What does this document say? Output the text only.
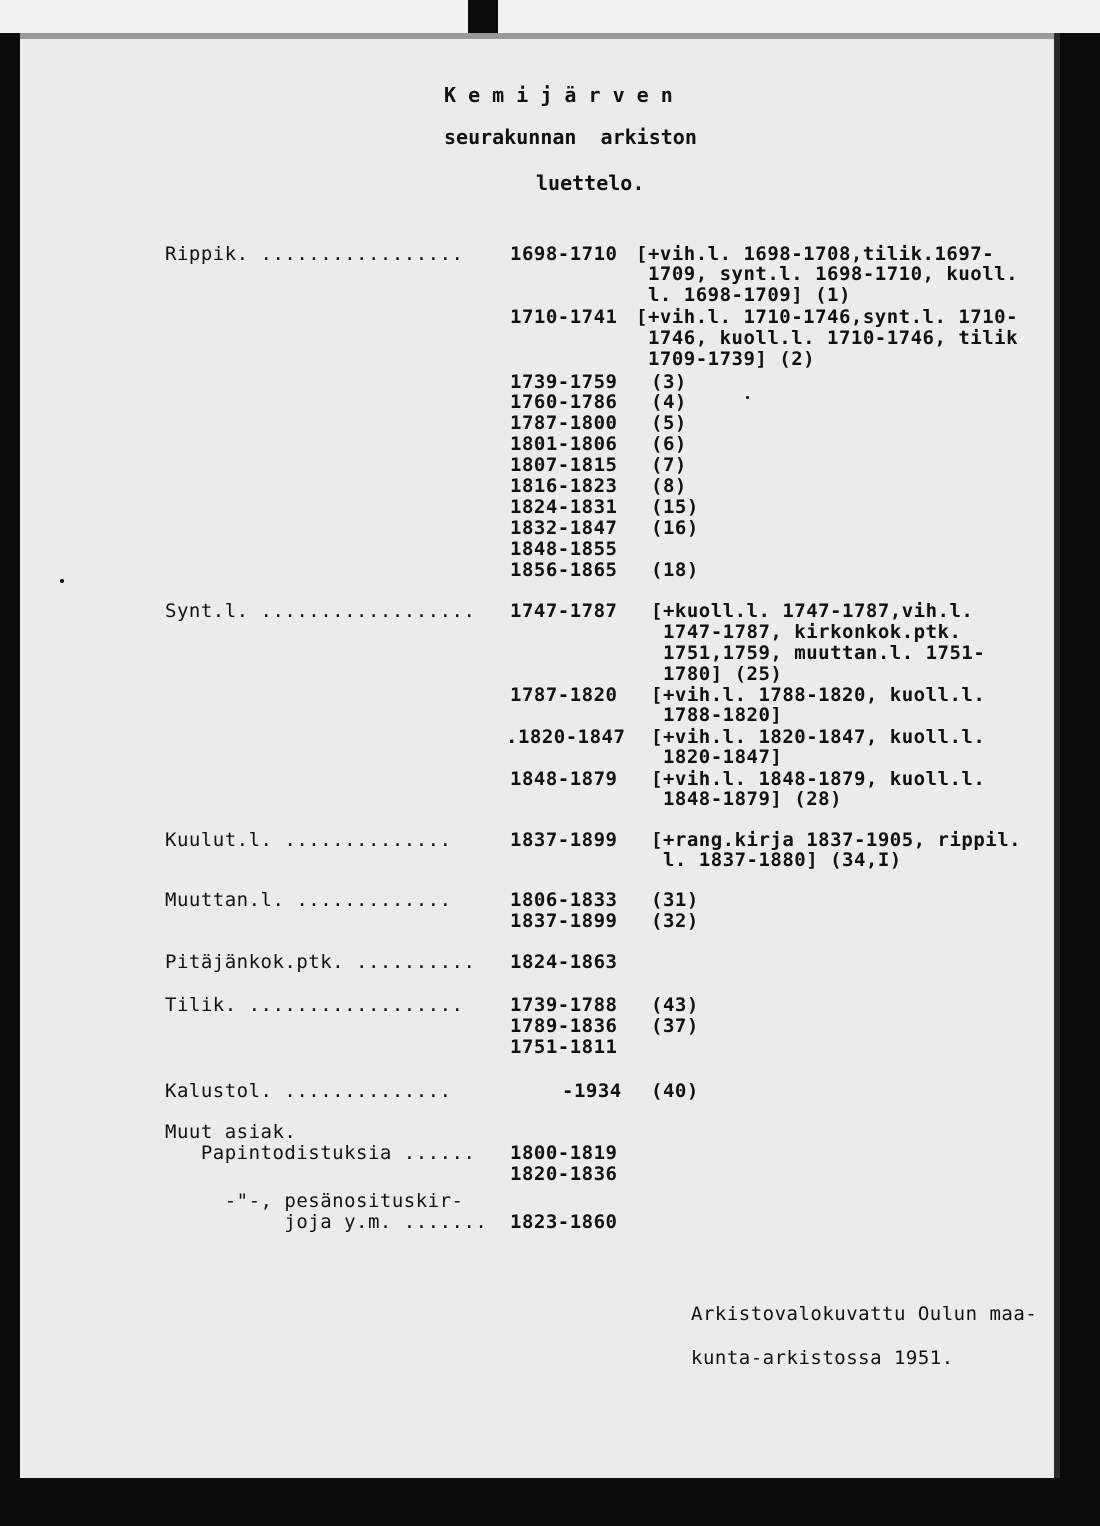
K e m i j ä r v e n
seurakunnan  arkiston
luettelo.
Rippik. ................. 1698-1710 [+vih.l. 1698-1708,tilik.1697-
1709, synt.l. 1698-1710, kuoll.
l. 1698-1709] (1)
1710-1741 [+vih.l. 1710-1746,synt.l. 1710-
1746, kuoll.l. 1710-1746, tilik
1709-1739] (2)
1739-1759 (3)
1760-1786 (4)
1787-1800 (5)
1801-1806 (6)
1807-1815 (7)
1816-1823 (8)
1824-1831 (15)
1832-1847 (16)
1848-1855
1856-1865 (18)
Synt.l. .................. 1747-1787 [+kuoll.l. 1747-1787,vih.l.
1747-1787, kirkonkok.ptk.
1751,1759, muuttan.l. 1751-
1780] (25)
1787-1820 [+vih.l. 1788-1820, kuoll.l.
1788-1820]
.1820-1847 [+vih.l. 1820-1847, kuoll.l.
1820-1847]
1848-1879 [+vih.l. 1848-1879, kuoll.l.
1848-1879] (28)
Kuulut.l. ..............	1837-1899 [+rang.kirja 1837-1905, rippil.
l. 1837-1880] (34,I)
Muuttan.l. .............	1806-1833 (31)
1837-1899 (32)
Pitäjänkok.ptk. .......... 1824-1863
Tilik. .................. 1739-1788 (43)
1789-1836 (37)
1751-1811
Kalustol. ..............	-1934 (40)
Muut asiak.
Papintodistuksia ...... 1800-1819
1820-1836
-"-, pesänosituskir-
joja y.m. ....... 1823-1860
Arkistovalokuvattu Oulun maa-
kunta-arkistossa 1951.
